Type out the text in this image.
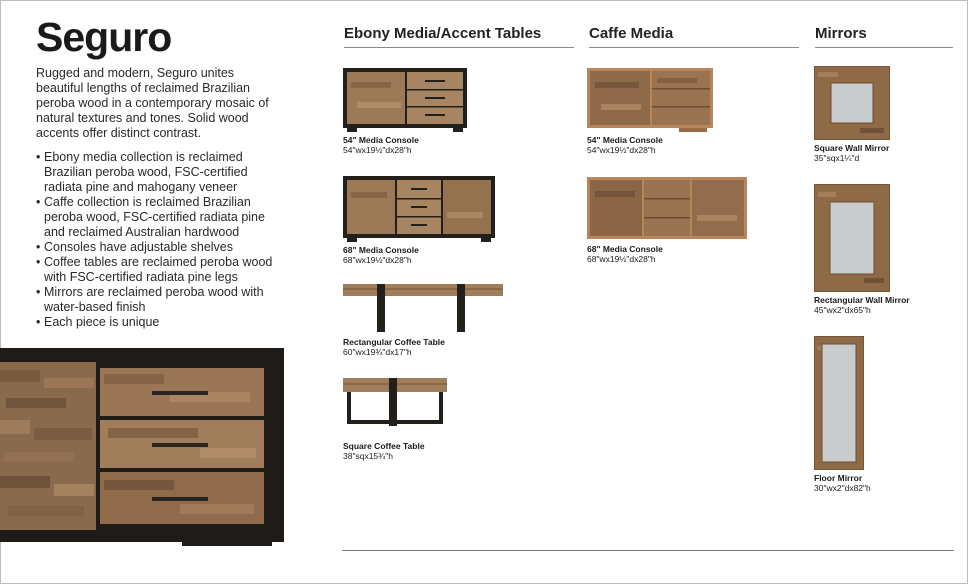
Seguro

Rugged and modern, Seguro unites beautiful lengths of reclaimed Brazilian peroba wood in a contemporary mosaic of natural textures and tones. Solid wood accents offer distinct contrast.

• Ebony media collection is reclaimed Brazilian peroba wood, FSC-certified radiata pine and mahogany veneer
• Caffe collection is reclaimed Brazilian peroba wood, FSC-certified radiata pine and reclaimed Australian hardwood
• Consoles have adjustable shelves
• Coffee tables are reclaimed peroba wood with FSC-certified radiata pine legs
• Mirrors are reclaimed peroba wood with water-based finish
• Each piece is unique
Ebony Media/Accent Tables	Caffe Media	Mirrors
54" Media Console
54"wx19½"dx28"h
68" Media Console
68"wx19½"dx28"h
Rectangular Coffee Table
60"wx19¾"dx17"h
Square Coffee Table
38"sqx15¾"h
54" Media Console
54"wx19½"dx28"h
68" Media Console
68"wx19½"dx28"h
Square Wall Mirror
35"sqx1¼"d
Rectangular Wall Mirror
45"wx2"dx65"h
Floor Mirror
30"wx2"dx82"h
